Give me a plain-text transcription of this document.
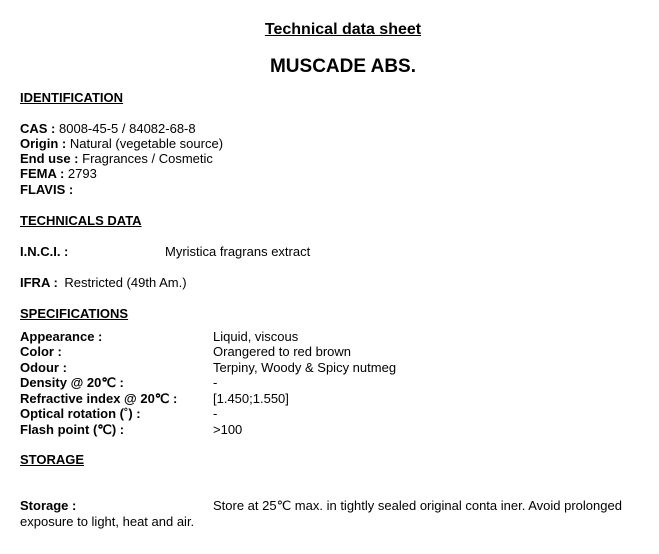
Technical data sheet
MUSCADE ABS.
IDENTIFICATION
CAS : 8008-45-5 / 84082-68-8
Origin : Natural (vegetable source)
End use : Fragrances / Cosmetic
FEMA : 2793
FLAVIS :
TECHNICALS DATA
I.N.C.I. :	Myristica fragrans extract
IFRA : Restricted (49th Am.)
SPECIFICATIONS
Appearance :	Liquid, viscous
Color :	Orangered to red brown
Odour :	Terpiny, Woody & Spicy nutmeg
Density @ 20℃ :	-
Refractive index @ 20℃ :	[1.450;1.550]
Optical rotation (˚) :	-
Flash point (℃) :	>100
STORAGE
Storage :	Store at 25℃ max. in tightly sealed original conta iner. Avoid prolonged
exposure to light, heat and air.
